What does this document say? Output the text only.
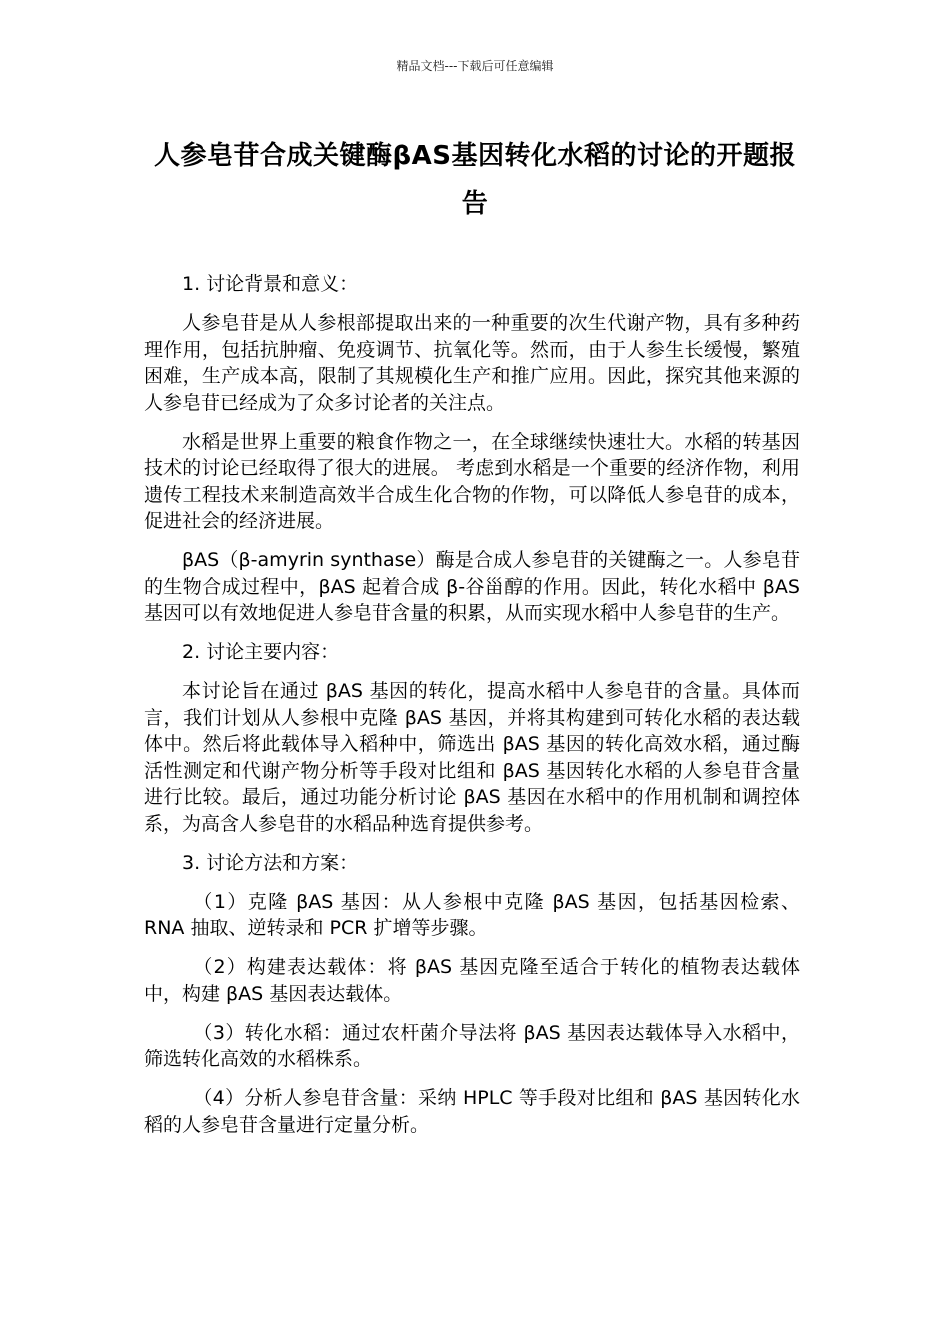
精品文档---下载后可任意编辑
人参皂苷合成关键酶βAS基因转化水稻的讨论的开题报告

1. 讨论背景和意义：

人参皂苷是从人参根部提取出来的一种重要的次生代谢产物，具有多种药理作用，包括抗肿瘤、免疫调节、抗氧化等。然而，由于人参生长缓慢，繁殖困难，生产成本高，限制了其规模化生产和推广应用。因此，探究其他来源的人参皂苷已经成为了众多讨论者的关注点。

水稻是世界上重要的粮食作物之一，在全球继续快速壮大。水稻的转基因技术的讨论已经取得了很大的进展。 考虑到水稻是一个重要的经济作物，利用遗传工程技术来制造高效半合成生化合物的作物，可以降低人参皂苷的成本，促进社会的经济进展。

βAS（β-amyrin synthase）酶是合成人参皂苷的关键酶之一。人参皂苷的生物合成过程中，βAS 起着合成 β-谷甾醇的作用。因此，转化水稻中 βAS 基因可以有效地促进人参皂苷含量的积累，从而实现水稻中人参皂苷的生产。

2. 讨论主要内容：

本讨论旨在通过 βAS 基因的转化，提高水稻中人参皂苷的含量。具体而言，我们计划从人参根中克隆 βAS 基因，并将其构建到可转化水稻的表达载体中。然后将此载体导入稻种中，筛选出 βAS 基因的转化高效水稻，通过酶活性测定和代谢产物分析等手段对比组和 βAS 基因转化水稻的人参皂苷含量进行比较。最后，通过功能分析讨论 βAS 基因在水稻中的作用机制和调控体系，为高含人参皂苷的水稻品种选育提供参考。

3. 讨论方法和方案：

（1）克隆 βAS 基因：从人参根中克隆 βAS 基因，包括基因检索、RNA 抽取、逆转录和 PCR 扩增等步骤。

（2）构建表达载体：将 βAS 基因克隆至适合于转化的植物表达载体中，构建 βAS 基因表达载体。

（3）转化水稻：通过农杆菌介导法将 βAS 基因表达载体导入水稻中，筛选转化高效的水稻株系。

（4）分析人参皂苷含量：采纳 HPLC 等手段对比组和 βAS 基因转化水稻的人参皂苷含量进行定量分析。
